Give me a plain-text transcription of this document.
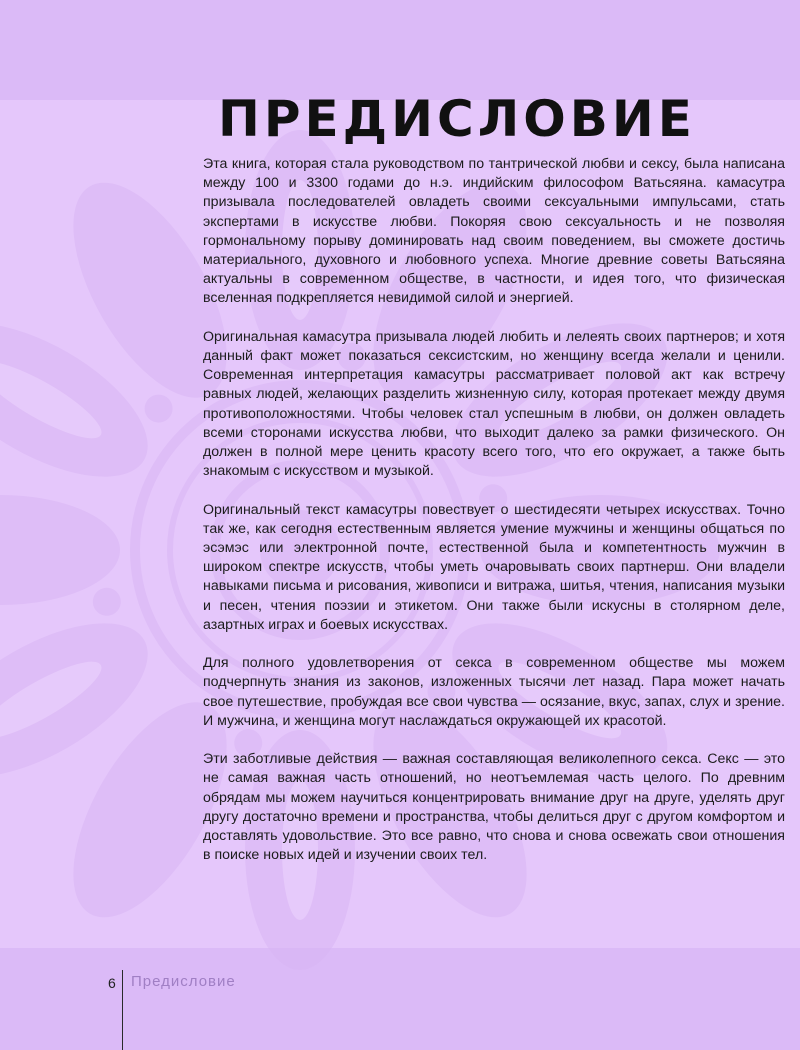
ПРЕДИСЛОВИЕ

Эта книга, которая стала руководством по тантрической любви и сексу, была написана между 100 и 3300 годами до н.э. индийским философом Ватьсяяна. камасутра призывала последователей овладеть своими сексуальными импульсами, стать экспертами в искусстве любви. Покоряя свою сексуальность и не позволяя гормональному порыву доминировать над своим поведением, вы сможете достичь материального, духовного и любовного успеха. Многие древние советы Ватьсяяна актуальны в современном обществе, в частности, и идея того, что физическая вселенная подкрепляется невидимой силой и энергией.

Оригинальная камасутра призывала людей любить и лелеять своих партнеров; и хотя данный факт может показаться сексистским, но женщину всегда желали и ценили. Современная интерпретация камасутры рассматривает половой акт как встречу равных людей, желающих разделить жизненную силу, которая протекает между двумя противоположностями. Чтобы человек стал успешным в любви, он должен овладеть всеми сторонами искусства любви, что выходит далеко за рамки физического. Он должен в полной мере ценить красоту всего того, что его окружает, а также быть знакомым с искусством и музыкой.

Оригинальный текст камасутры повествует о шестидесяти четырех искусствах. Точно так же, как сегодня естественным является умение мужчины и женщины общаться по эсэмэс или электронной почте, естественной была и компетентность мужчин в широком спектре искусств, чтобы уметь очаровывать своих партнерш. Они владели навыками письма и рисования, живописи и витража, шитья, чтения, написания музыки и песен, чтения поэзии и этикетом. Они также были искусны в столярном деле, азартных играх и боевых искусствах.

Для полного удовлетворения от секса в современном обществе мы можем подчерпнуть знания из законов, изложенных тысячи лет назад. Пара может начать свое путешествие, пробуждая все свои чувства — осязание, вкус, запах, слух и зрение. И мужчина, и женщина могут наслаждаться окружающей их красотой.

Эти заботливые действия — важная составляющая великолепного секса. Секс — это не самая важная часть отношений, но неотъемлемая часть целого. По древним обрядам мы можем научиться концентрировать внимание друг на друге, уделять друг другу достаточно времени и пространства, чтобы делиться друг с другом комфортом и доставлять удовольствие. Это все равно, что снова и снова освежать свои отношения в поиске новых идей и изучении своих тел.

6 Предисловие
